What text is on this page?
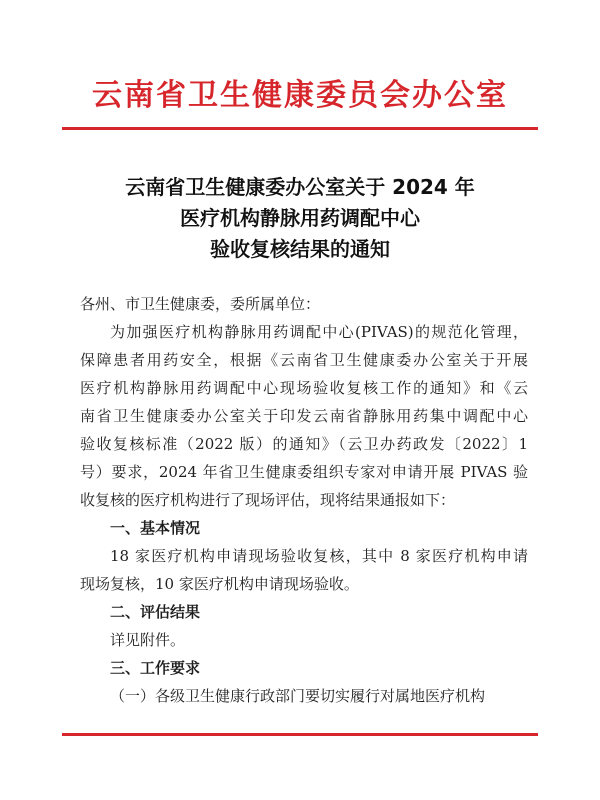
云南省卫生健康委员会办公室
云南省卫生健康委办公室关于 2024 年
医疗机构静脉用药调配中心
验收复核结果的通知
各州、市卫生健康委，委所属单位：
为加强医疗机构静脉用药调配中心(PIVAS)的规范化管理，
保障患者用药安全，根据《云南省卫生健康委办公室关于开展
医疗机构静脉用药调配中心现场验收复核工作的通知》和《云
南省卫生健康委办公室关于印发云南省静脉用药集中调配中心
验收复核标准（2022 版）的通知》（云卫办药政发〔2022〕1
号）要求，2024 年省卫生健康委组织专家对申请开展 PIVAS 验
收复核的医疗机构进行了现场评估，现将结果通报如下：
一、基本情况
18 家医疗机构申请现场验收复核，其中 8 家医疗机构申请
现场复核，10 家医疗机构申请现场验收。
二、评估结果
详见附件。
三、工作要求
（一）各级卫生健康行政部门要切实履行对属地医疗机构
